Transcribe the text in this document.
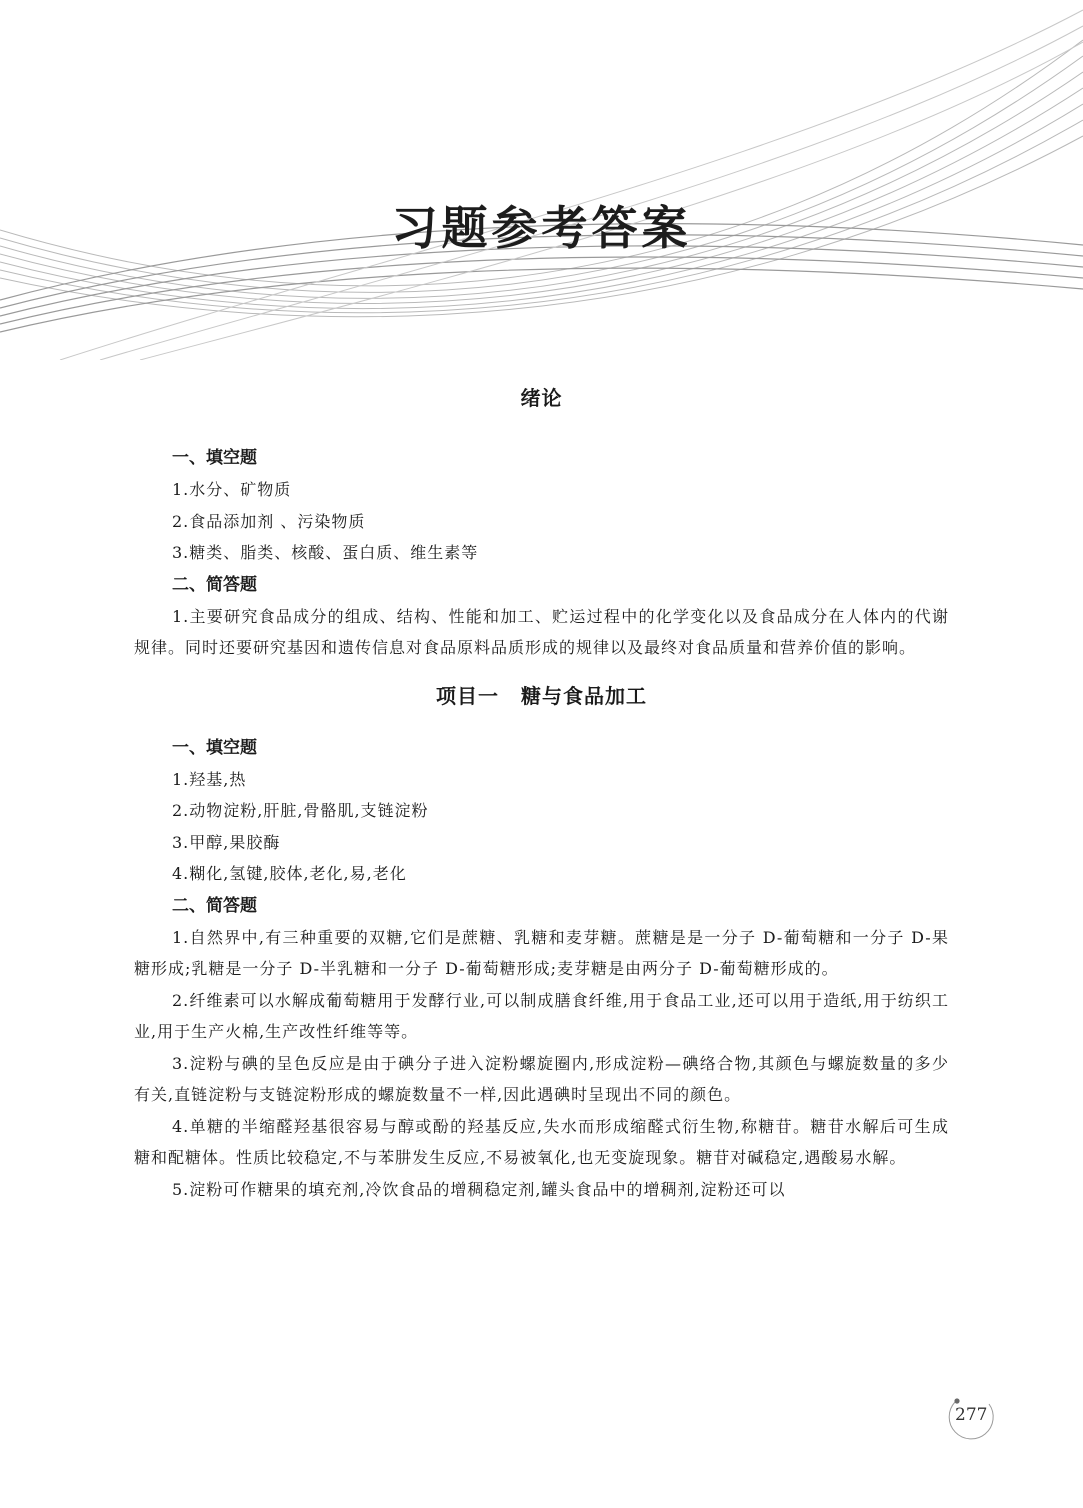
习题参考答案
绪论
一、填空题
1.水分、矿物质
2.食品添加剂 、污染物质
3.糖类、脂类、核酸、蛋白质、维生素等
二、简答题

1.主要研究食品成分的组成、结构、性能和加工、贮运过程中的化学变化以及食品成分在人体内的代谢规律。同时还要研究基因和遗传信息对食品原料品质形成的规律以及最终对食品质量和营养价值的影响。

项目一 糖与食品加工
一、填空题
1.羟基,热
2.动物淀粉,肝脏,骨骼肌,支链淀粉
3.甲醇,果胶酶
4.糊化,氢键,胶体,老化,易,老化
二、简答题

1.自然界中,有三种重要的双糖,它们是蔗糖、乳糖和麦芽糖。蔗糖是是一分子 D-葡萄糖和一分子 D-果糖形成;乳糖是一分子 D-半乳糖和一分子 D-葡萄糖形成;麦芽糖是由两分子 D-葡萄糖形成的。

2.纤维素可以水解成葡萄糖用于发酵行业,可以制成膳食纤维,用于食品工业,还可以用于造纸,用于纺织工业,用于生产火棉,生产改性纤维等等。

3.淀粉与碘的呈色反应是由于碘分子进入淀粉螺旋圈内,形成淀粉—碘络合物,其颜色与螺旋数量的多少有关,直链淀粉与支链淀粉形成的螺旋数量不一样,因此遇碘时呈现出不同的颜色。

4.单糖的半缩醛羟基很容易与醇或酚的羟基反应,失水而形成缩醛式衍生物,称糖苷。糖苷水解后可生成糖和配糖体。性质比较稳定,不与苯肼发生反应,不易被氧化,也无变旋现象。糖苷对碱稳定,遇酸易水解。

5.淀粉可作糖果的填充剂,冷饮食品的增稠稳定剂,罐头食品中的增稠剂,淀粉还可以

277
